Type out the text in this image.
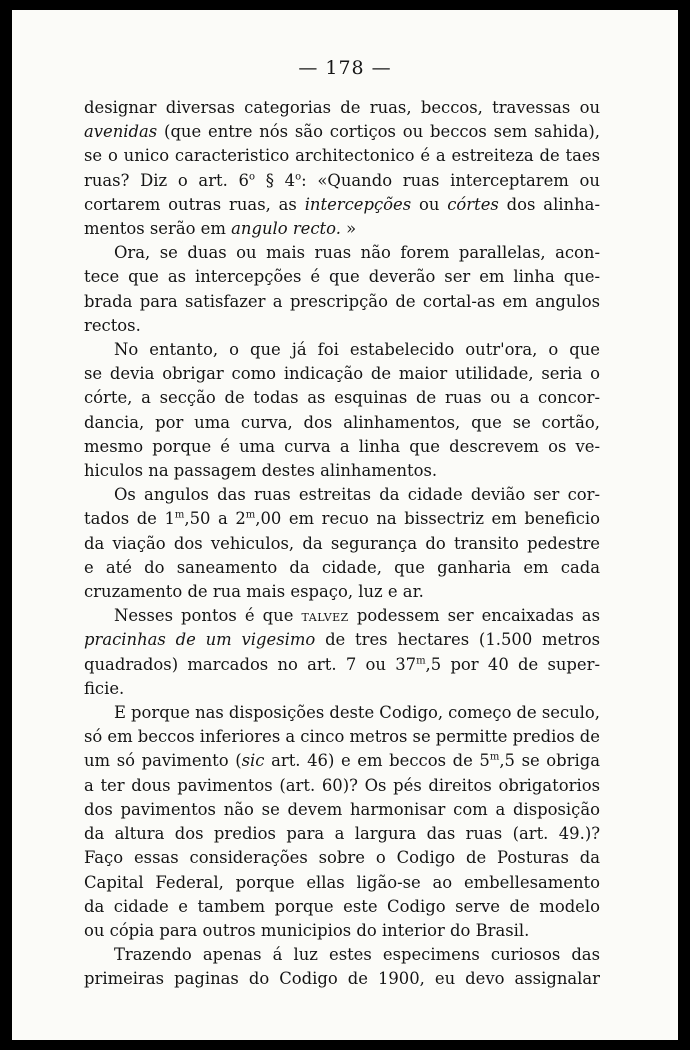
— 178 —
designar diversas categorias de ruas, beccos, travessas ou
avenidas (que entre nós são cortiços ou beccos sem sahida),
se o unico caracteristico architectonico é a estreiteza de taes
ruas? Diz o art. 6$^o$ § 4$^o$: «Quando ruas interceptarem ou
cortarem outras ruas, as intercepções ou córtes dos alinha-
mentos serão em angulo recto. »
Ora, se duas ou mais ruas não forem parallelas, acon-
tece que as intercepções é que deverão ser em linha que-
brada para satisfazer a prescripção de cortal-as em angulos
rectos.
No entanto, o que já foi estabelecido outr'ora, o que
se devia obrigar como indicação de maior utilidade, seria o
córte, a secção de todas as esquinas de ruas ou a concor-
dancia, por uma curva, dos alinhamentos, que se cortão,
mesmo porque é uma curva a linha que descrevem os ve-
hiculos na passagem destes alinhamentos.
Os angulos das ruas estreitas da cidade devião ser cor-
tados de 1$^m$,50 a 2$^m$,00 em recuo na bissectriz em beneficio
da viação dos vehiculos, da segurança do transito pedestre
e até do saneamento da cidade, que ganharia em cada
cruzamento de rua mais espaço, luz e ar.
Nesses pontos é que talvez podessem ser encaixadas as
pracinhas de um vigesimo de tres hectares (1.500 metros
quadrados) marcados no art. 7 ou 37$^m$,5 por 40 de super-
ficie.
E porque nas disposições deste Codigo, começo de seculo,
só em beccos inferiores a cinco metros se permitte predios de
um só pavimento (sic art. 46) e em beccos de 5$^m$,5 se obriga
a ter dous pavimentos (art. 60)? Os pés direitos obrigatorios
dos pavimentos não se devem harmonisar com a disposição
da altura dos predios para a largura das ruas (art. 49.)?
Faço essas considerações sobre o Codigo de Posturas da
Capital Federal, porque ellas ligão-se ao embellesamento
da cidade e tambem porque este Codigo serve de modelo
ou cópia para outros municipios do interior do Brasil.
Trazendo apenas á luz estes especimens curiosos das
primeiras paginas do Codigo de 1900, eu devo assignalar
